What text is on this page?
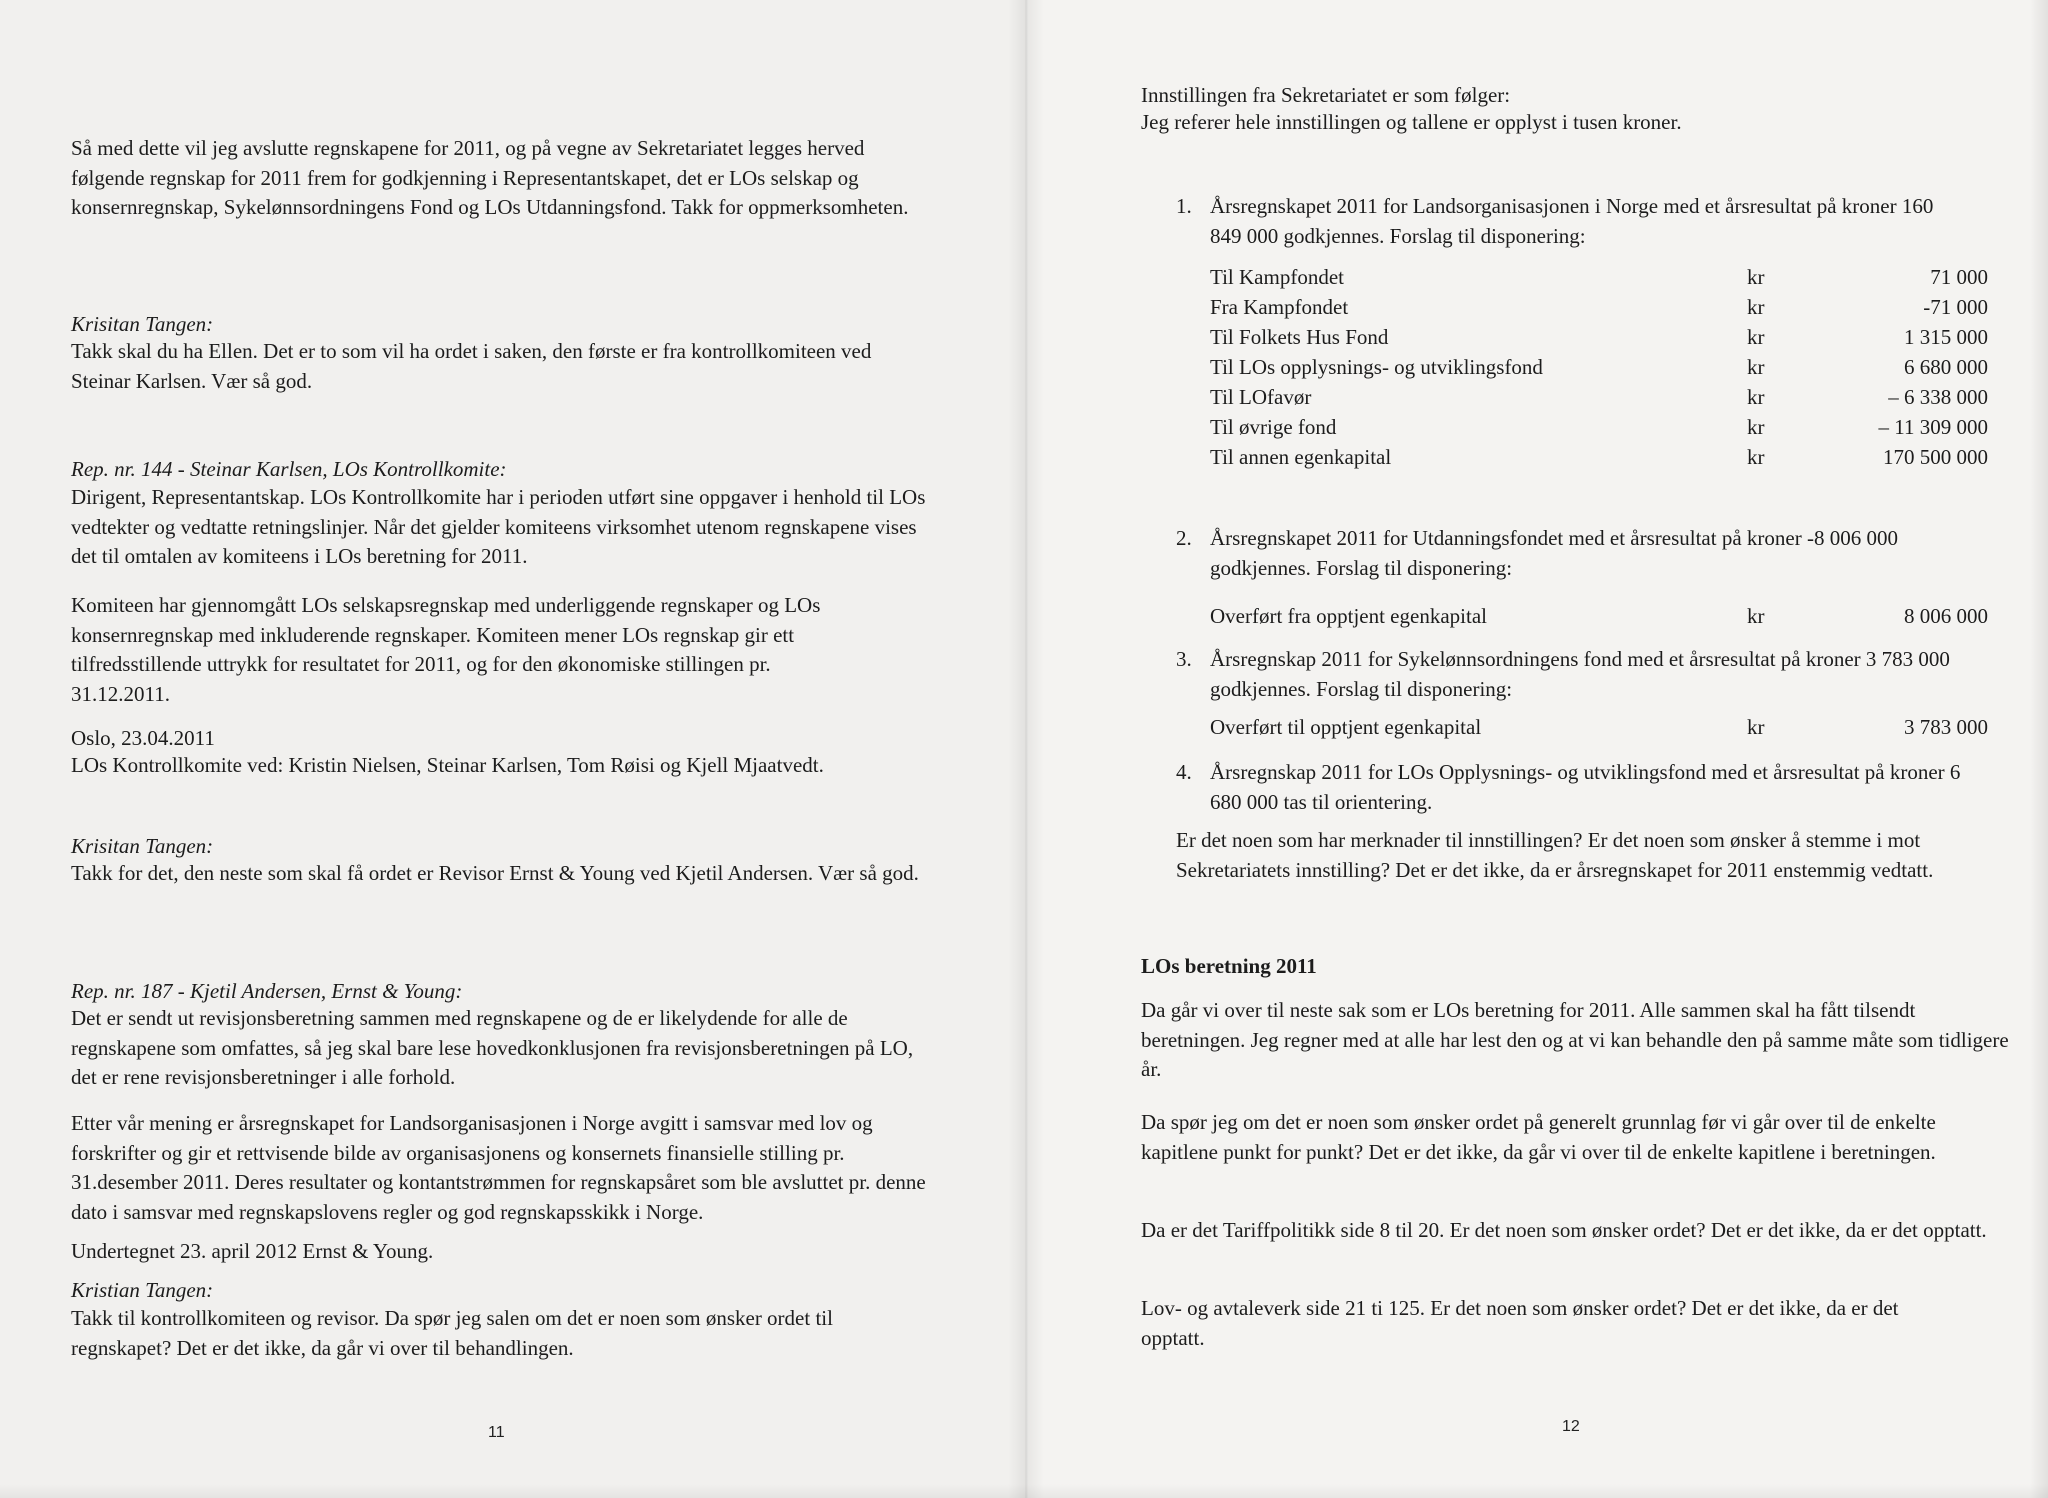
Så med dette vil jeg avslutte regnskapene for 2011, og på vegne av Sekretariatet legges herved følgende regnskap for 2011 frem for godkjenning i Representantskapet, det er LOs selskap og konsernregnskap, Sykelønnsordningens Fond og LOs Utdanningsfond. Takk for oppmerksomheten.

Krisitan Tangen:

Takk skal du ha Ellen. Det er to som vil ha ordet i saken, den første er fra kontrollkomiteen ved Steinar Karlsen. Vær så god.

Rep. nr. 144 - Steinar Karlsen, LOs Kontrollkomite:

Dirigent, Representantskap. LOs Kontrollkomite har i perioden utført sine oppgaver i henhold til LOs vedtekter og vedtatte retningslinjer. Når det gjelder komiteens virksomhet utenom regnskapene vises det til omtalen av komiteens i LOs beretning for 2011.

Komiteen har gjennomgått LOs selskapsregnskap med underliggende regnskaper og LOs konsernregnskap med inkluderende regnskaper. Komiteen mener LOs regnskap gir ett tilfredsstillende uttrykk for resultatet for 2011, og for den økonomiske stillingen pr. 31.12.2011.

Oslo, 23.04.2011

LOs Kontrollkomite ved: Kristin Nielsen, Steinar Karlsen, Tom Røisi og Kjell Mjaatvedt.

Krisitan Tangen:

Takk for det, den neste som skal få ordet er Revisor Ernst & Young ved Kjetil Andersen. Vær så god.

Rep. nr. 187 - Kjetil Andersen, Ernst & Young:

Det er sendt ut revisjonsberetning sammen med regnskapene og de er likelydende for alle de regnskapene som omfattes, så jeg skal bare lese hovedkonklusjonen fra revisjonsberetningen på LO, det er rene revisjonsberetninger i alle forhold.

Etter vår mening er årsregnskapet for Landsorganisasjonen i Norge avgitt i samsvar med lov og forskrifter og gir et rettvisende bilde av organisasjonens og konsernets finansielle stilling pr. 31.desember 2011. Deres resultater og kontantstrømmen for regnskapsåret som ble avsluttet pr. denne dato i samsvar med regnskapslovens regler og god regnskapsskikk i Norge.

Undertegnet 23. april 2012 Ernst & Young.

Kristian Tangen:

Takk til kontrollkomiteen og revisor. Da spør jeg salen om det er noen som ønsker ordet til regnskapet? Det er det ikke, da går vi over til behandlingen.

11

Innstillingen fra Sekretariatet er som følger:

Jeg referer hele innstillingen og tallene er opplyst i tusen kroner.

1. Årsregnskapet 2011 for Landsorganisasjonen i Norge med et årsresultat på kroner 160 849 000 godkjennes. Forslag til disponering:

Til Kampfondet	kr	71 000
Fra Kampfondet	kr	-71 000
Til Folkets Hus Fond	kr	1 315 000
Til LOs opplysnings- og utviklingsfond	kr	6 680 000
Til LOfavør	kr	– 6 338 000
Til øvrige fond	kr	– 11 309 000
Til annen egenkapital	kr	170 500 000
2. Årsregnskapet 2011 for Utdanningsfondet med et årsresultat på kroner -8 006 000 godkjennes. Forslag til disponering:

Overført fra opptjent egenkapital	kr	8 006 000
3. Årsregnskap 2011 for Sykelønnsordningens fond med et årsresultat på kroner 3 783 000 godkjennes. Forslag til disponering:

Overført til opptjent egenkapital	kr	3 783 000
4. Årsregnskap 2011 for LOs Opplysnings- og utviklingsfond med et årsresultat på kroner 6 680 000 tas til orientering.

Er det noen som har merknader til innstillingen? Er det noen som ønsker å stemme i mot Sekretariatets innstilling? Det er det ikke, da er årsregnskapet for 2011 enstemmig vedtatt.

LOs beretning 2011

Da går vi over til neste sak som er LOs beretning for 2011. Alle sammen skal ha fått tilsendt beretningen. Jeg regner med at alle har lest den og at vi kan behandle den på samme måte som tidligere år.

Da spør jeg om det er noen som ønsker ordet på generelt grunnlag før vi går over til de enkelte kapitlene punkt for punkt? Det er det ikke, da går vi over til de enkelte kapitlene i beretningen.

Da er det Tariffpolitikk side 8 til 20. Er det noen som ønsker ordet? Det er det ikke, da er det opptatt.

Lov- og avtaleverk side 21 ti 125. Er det noen som ønsker ordet? Det er det ikke, da er det opptatt.

12
